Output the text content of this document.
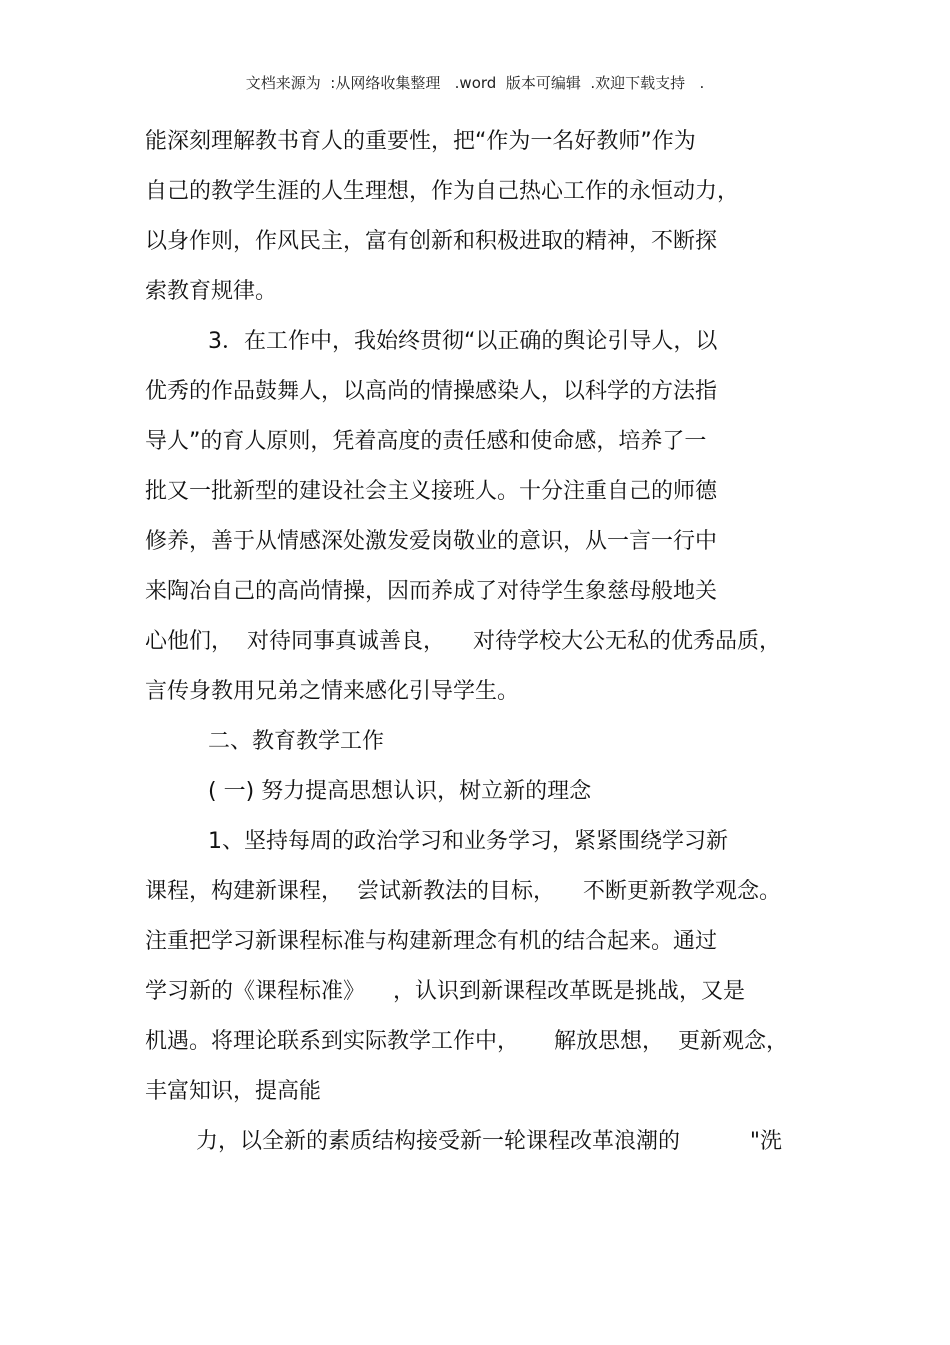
文档来源为  :从网络收集整理   .word  版本可编辑  .欢迎下载支持   .
能深刻理解教书育人的重要性，把“作为一名好教师”作为
自己的教学生涯的人生理想，作为自己热心工作的永恒动力，
以身作则，作风民主，富有创新和积极进取的精神，不断探
索教育规律。
3．在工作中，我始终贯彻“以正确的舆论引导人，以
优秀的作品鼓舞人，以高尚的情操感染人，以科学的方法指
导人”的育人原则，凭着高度的责任感和使命感，培养了一
批又一批新型的建设社会主义接班人。十分注重自己的师德
修养，善于从情感深处激发爱岗敬业的意识，从一言一行中
来陶冶自己的高尚情操，因而养成了对待学生象慈母般地关
心他们，  对待同事真诚善良，    对待学校大公无私的优秀品质，
言传身教用兄弟之情来感化引导学生。
二、教育教学工作
( 一) 努力提高思想认识，树立新的理念
1、坚持每周的政治学习和业务学习，紧紧围绕学习新
课程，构建新课程，  尝试新教法的目标，    不断更新教学观念。
注重把学习新课程标准与构建新理念有机的结合起来。通过
学习新的《课程标准》    ，认识到新课程改革既是挑战，又是
机遇。将理论联系到实际教学工作中，     解放思想，  更新观念，
丰富知识，提高能
力，以全新的素质结构接受新一轮课程改革浪潮的          "洗
